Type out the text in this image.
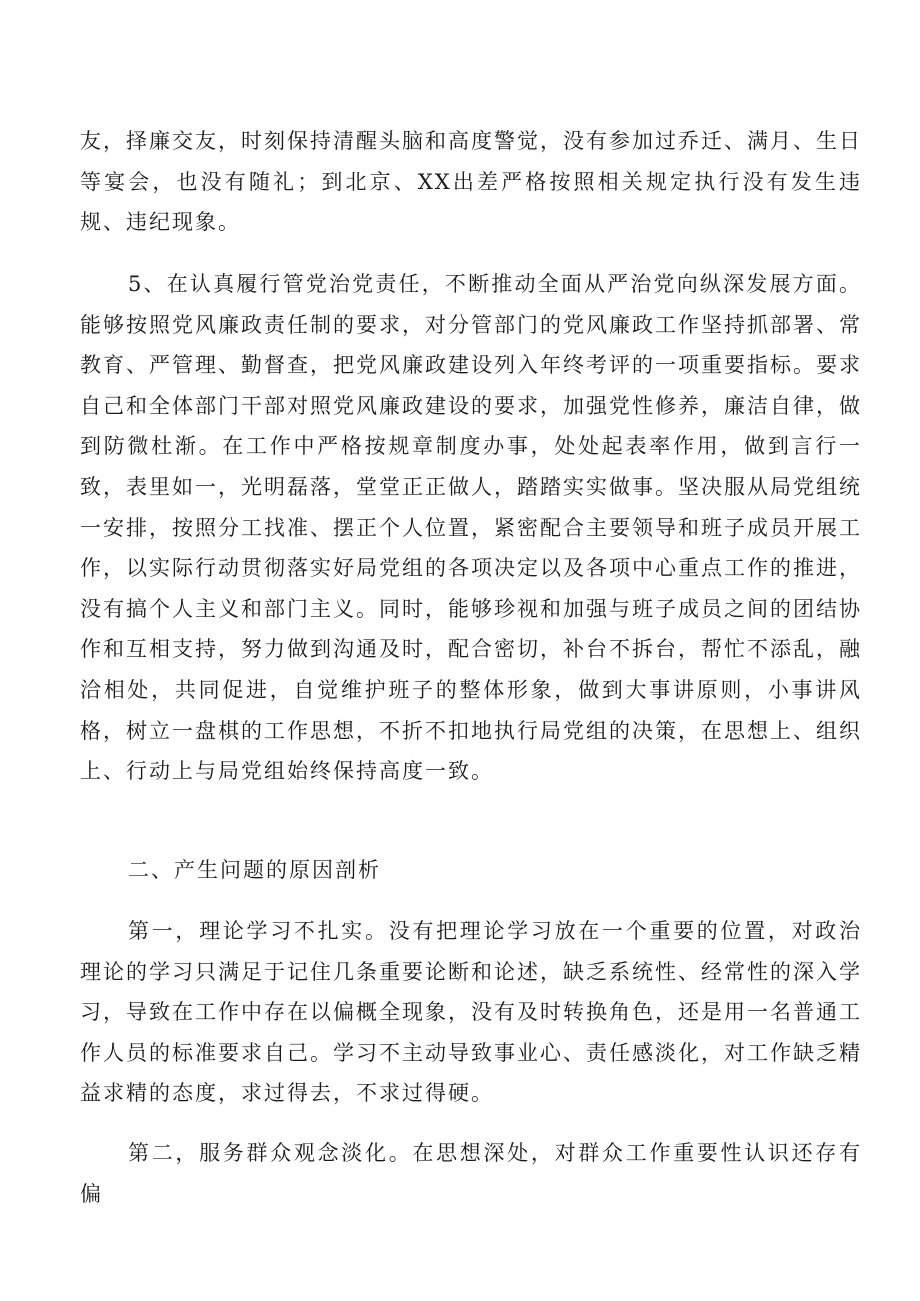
友，择廉交友，时刻保持清醒头脑和高度警觉，没有参加过乔迁、满月、生日等宴会，也没有随礼；到北京、XX出差严格按照相关规定执行没有发生违规、违纪现象。

5、在认真履行管党治党责任，不断推动全面从严治党向纵深发展方面。能够按照党风廉政责任制的要求，对分管部门的党风廉政工作坚持抓部署、常教育、严管理、勤督查，把党风廉政建设列入年终考评的一项重要指标。要求自己和全体部门干部对照党风廉政建设的要求，加强党性修养，廉洁自律，做到防微杜渐。在工作中严格按规章制度办事，处处起表率作用，做到言行一致，表里如一，光明磊落，堂堂正正做人，踏踏实实做事。坚决服从局党组统一安排，按照分工找准、摆正个人位置，紧密配合主要领导和班子成员开展工作，以实际行动贯彻落实好局党组的各项决定以及各项中心重点工作的推进，没有搞个人主义和部门主义。同时，能够珍视和加强与班子成员之间的团结协作和互相支持，努力做到沟通及时，配合密切，补台不拆台，帮忙不添乱，融洽相处，共同促进，自觉维护班子的整体形象，做到大事讲原则，小事讲风格，树立一盘棋的工作思想，不折不扣地执行局党组的决策，在思想上、组织上、行动上与局党组始终保持高度一致。

二、产生问题的原因剖析

第一，理论学习不扎实。没有把理论学习放在一个重要的位置，对政治理论的学习只满足于记住几条重要论断和论述，缺乏系统性、经常性的深入学习，导致在工作中存在以偏概全现象，没有及时转换角色，还是用一名普通工作人员的标准要求自己。学习不主动导致事业心、责任感淡化，对工作缺乏精益求精的态度，求过得去，不求过得硬。

第二，服务群众观念淡化。在思想深处，对群众工作重要性认识还存有偏
